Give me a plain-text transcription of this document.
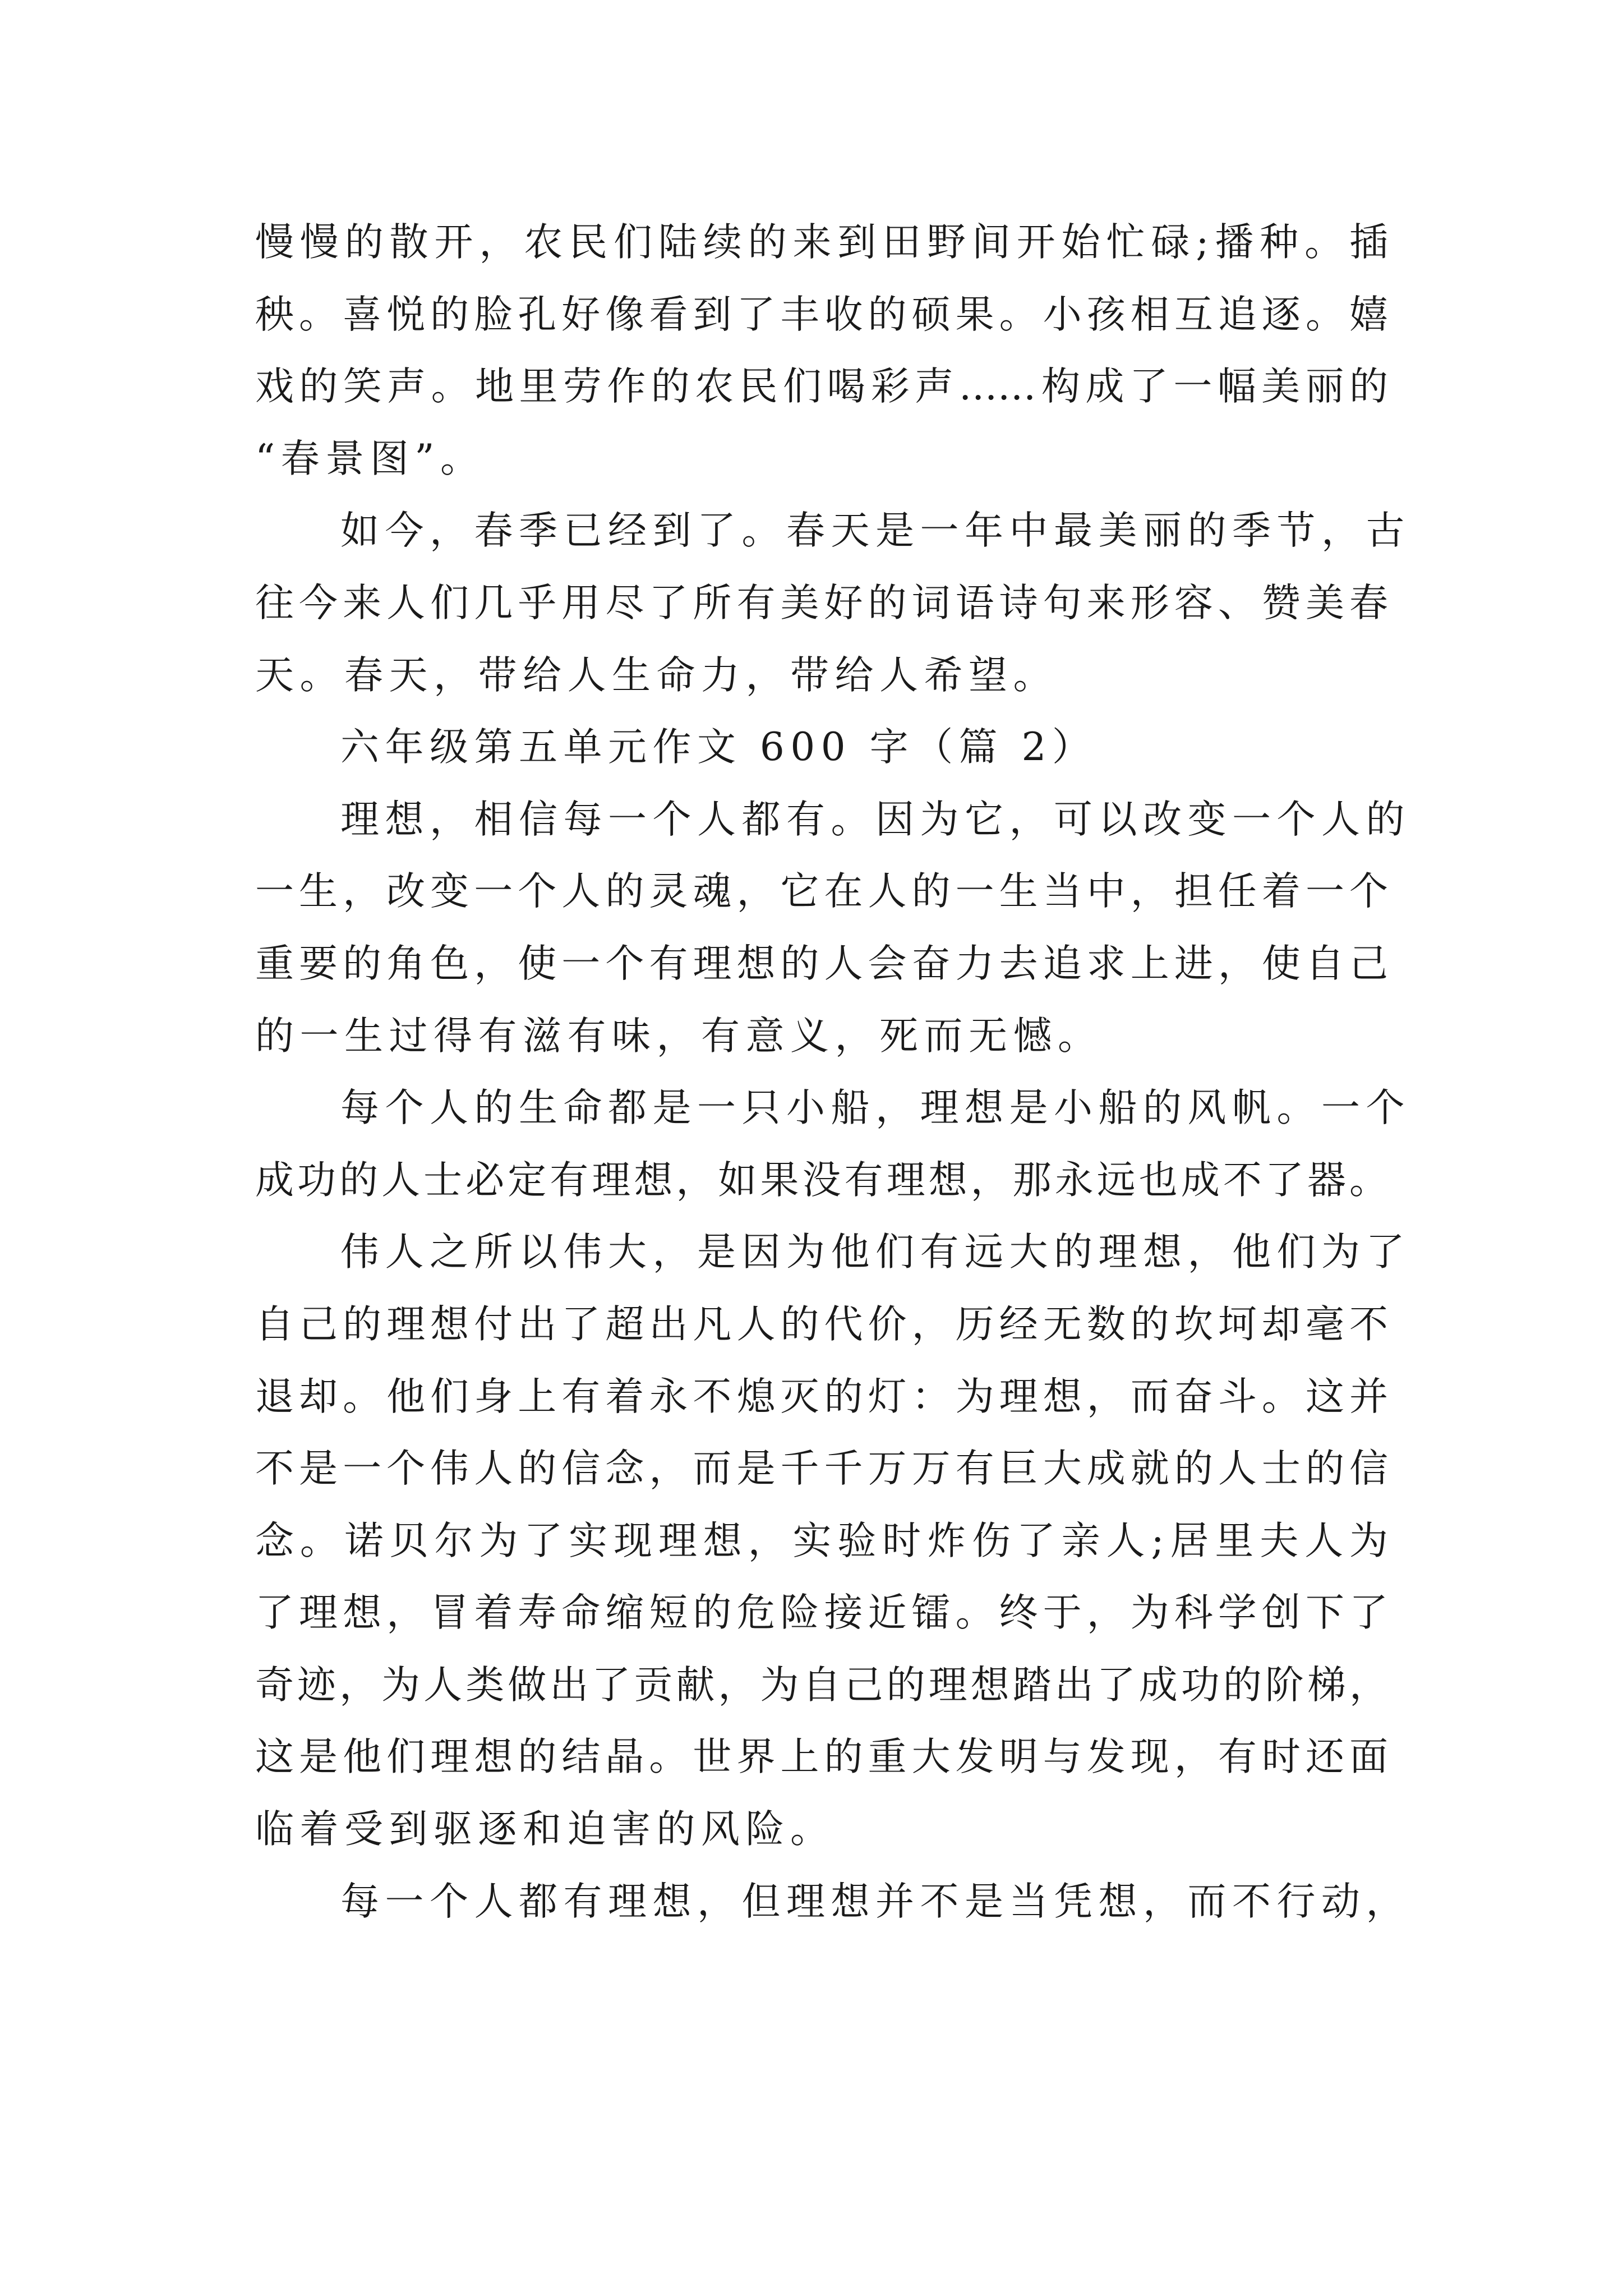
慢慢的散开，农民们陆续的来到田野间开始忙碌;播种。插
秧。喜悦的脸孔好像看到了丰收的硕果。小孩相互追逐。嬉
戏的笑声。地里劳作的农民们喝彩声……构成了一幅美丽的
“春景图”。
如今，春季已经到了。春天是一年中最美丽的季节，古
往今来人们几乎用尽了所有美好的词语诗句来形容、赞美春
天。春天，带给人生命力，带给人希望。
六年级第五单元作文 600 字（篇 2）
理想，相信每一个人都有。因为它，可以改变一个人的
一生，改变一个人的灵魂，它在人的一生当中，担任着一个
重要的角色，使一个有理想的人会奋力去追求上进，使自己
的一生过得有滋有味，有意义，死而无憾。
每个人的生命都是一只小船，理想是小船的风帆。一个
成功的人士必定有理想，如果没有理想，那永远也成不了器。
伟人之所以伟大，是因为他们有远大的理想，他们为了
自己的理想付出了超出凡人的代价，历经无数的坎坷却毫不
退却。他们身上有着永不熄灭的灯：为理想，而奋斗。这并
不是一个伟人的信念，而是千千万万有巨大成就的人士的信
念。诺贝尔为了实现理想，实验时炸伤了亲人;居里夫人为
了理想，冒着寿命缩短的危险接近镭。终于，为科学创下了
奇迹，为人类做出了贡献，为自己的理想踏出了成功的阶梯，
这是他们理想的结晶。世界上的重大发明与发现，有时还面
临着受到驱逐和迫害的风险。
每一个人都有理想，但理想并不是当凭想，而不行动，
